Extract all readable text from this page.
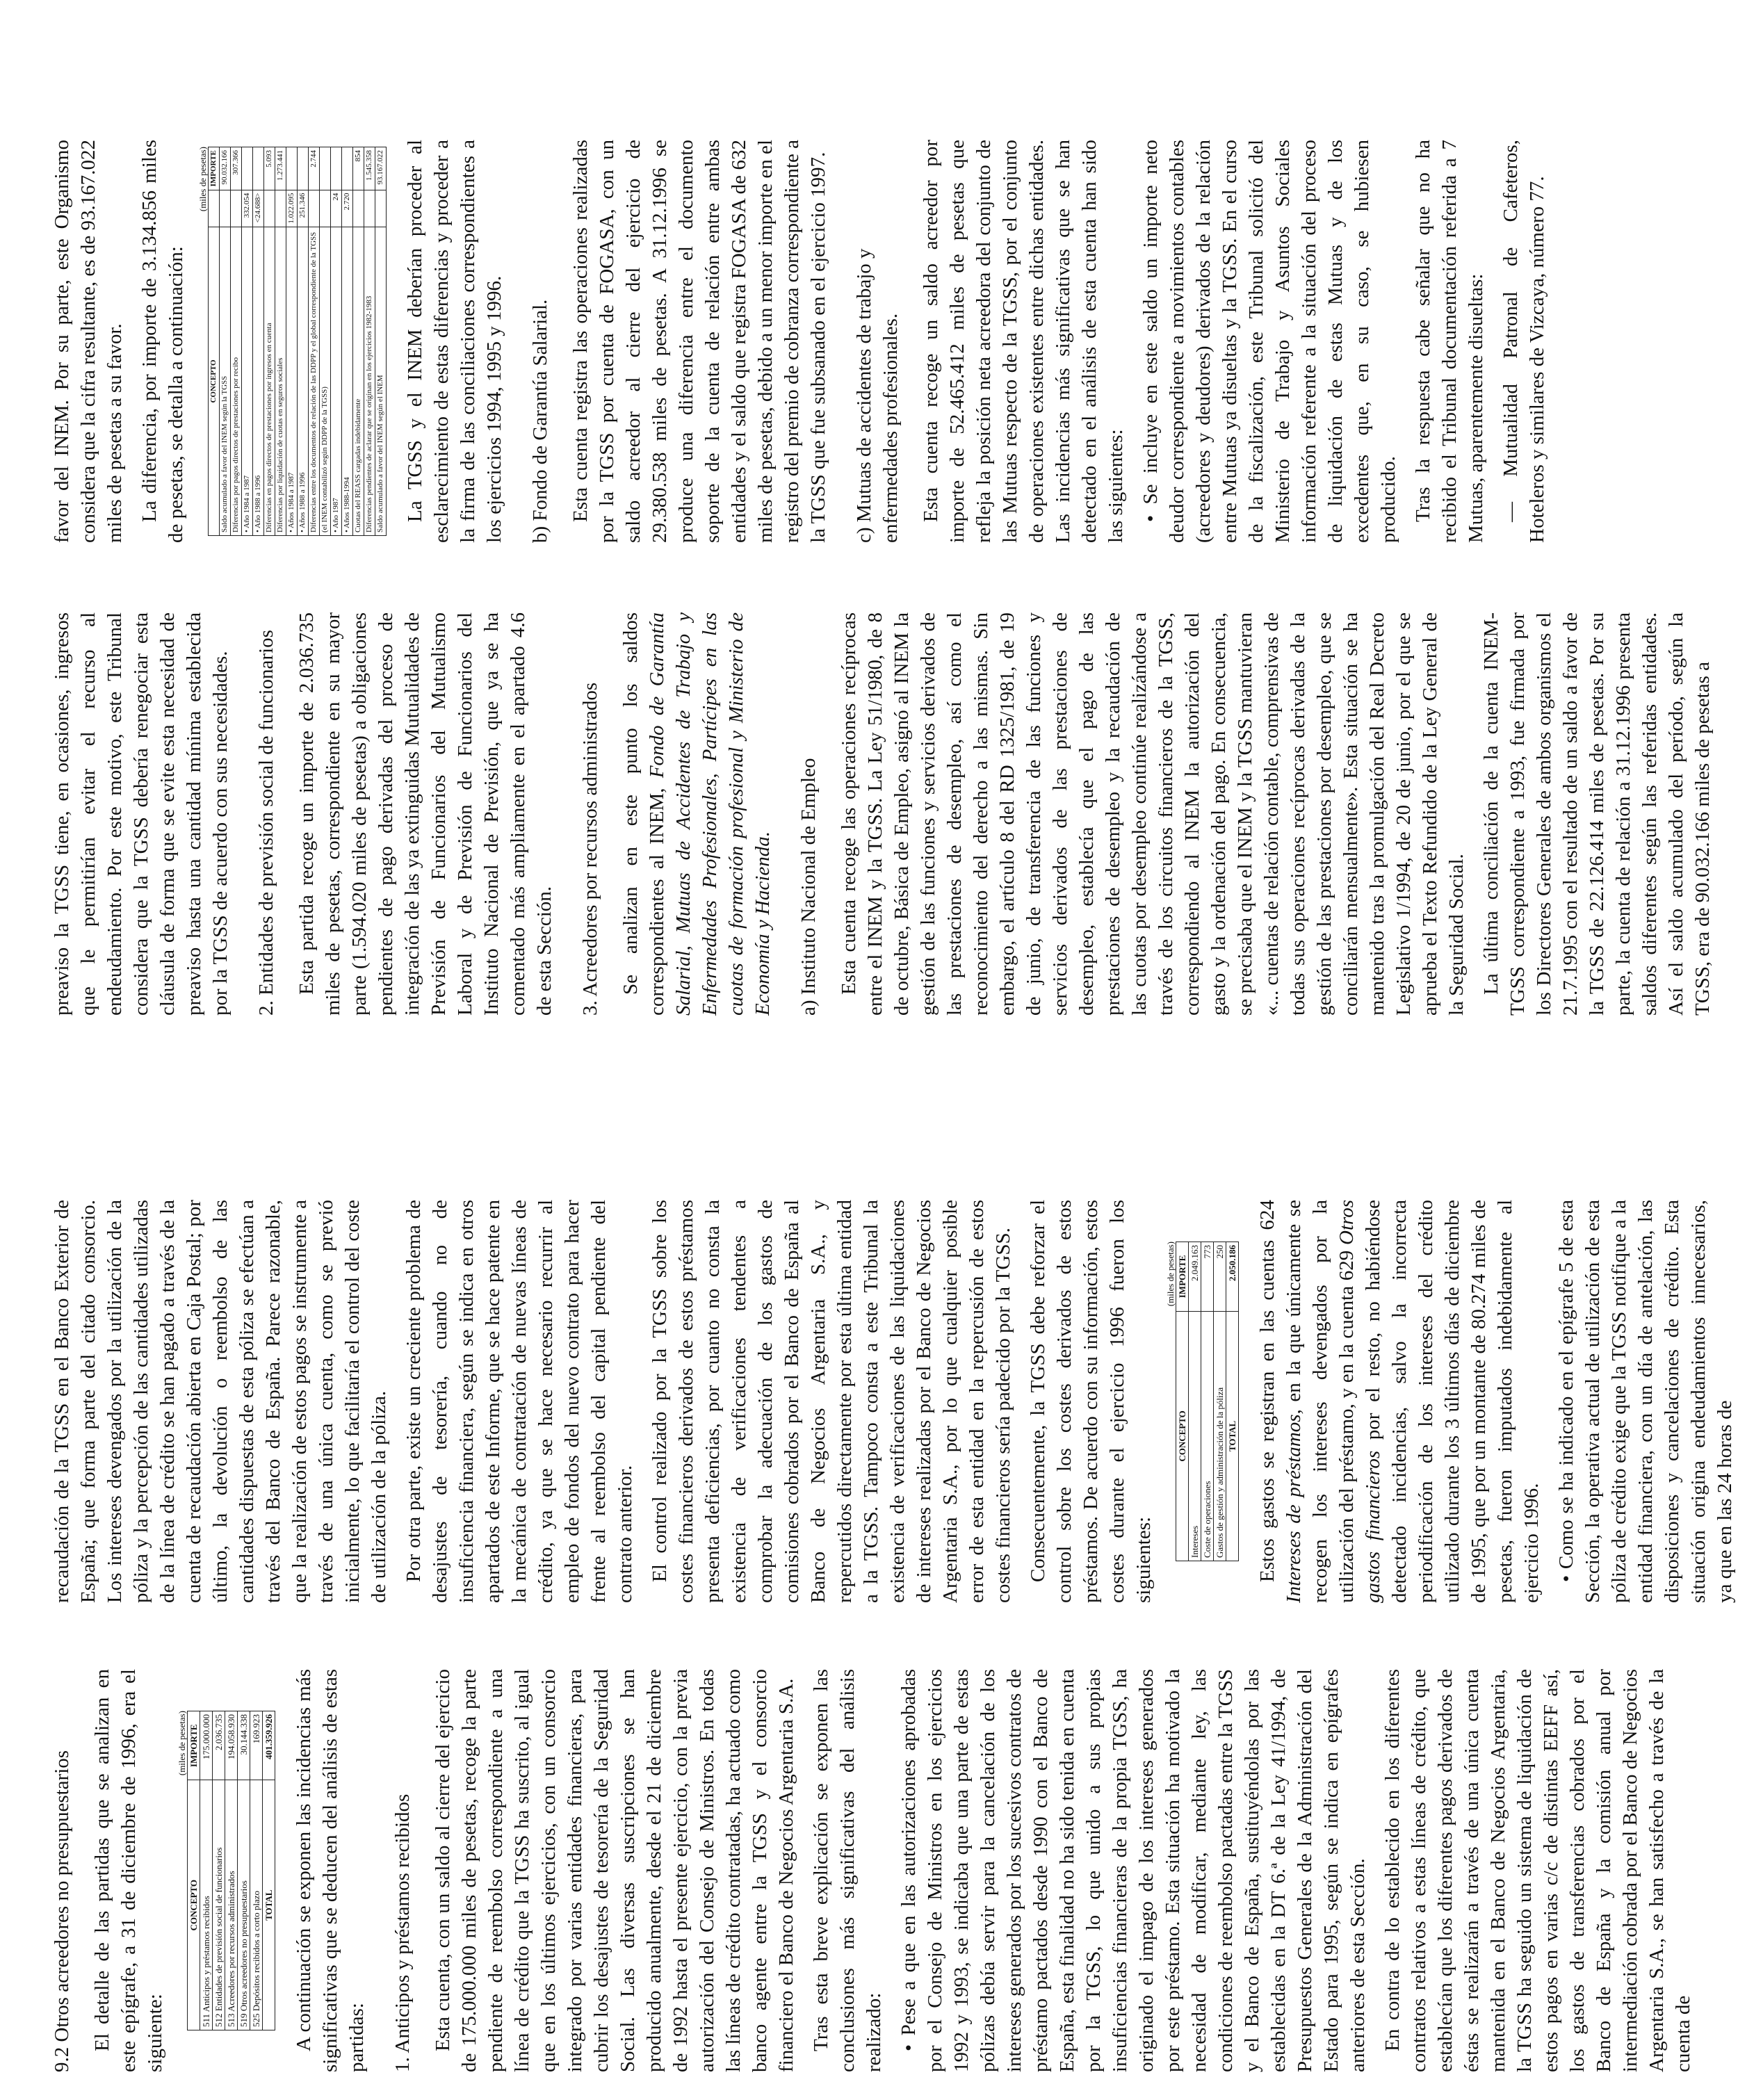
9.2 Otros acreedores no presupuestarios El detalle de las partidas que se analizan en este epígrafe, a 31 de diciembre de 1996, era el siguiente:

(miles de pesetas)
CONCEPTO	IMPORTE
511 Anticipos y préstamos recibidos	175.000.000
512 Entidades de previsión social de funcionarios	2.036.735
513 Acreedores por recursos administrados	194.058.930
519 Otros acreedores no presupuestarios	30.144.338
525 Depósitos recibidos a corto plazo	169.923
TOTAL	401.359.926 A continuación se exponen las incidencias más significativas que se deducen del análisis de estas partidas: 1. Anticipos y préstamos recibidos Esta cuenta, con un saldo al cierre del ejercicio de 175.000.000 miles de pesetas, recoge la parte pendiente de reembolso correspondiente a una línea de crédito que la TGSS ha suscrito, al igual que en los últimos ejercicios, con un consorcio integrado por varias entidades financieras, para cubrir los desajustes de tesorería de la Seguridad Social. Las diversas suscripciones se han producido anualmente, desde el 21 de diciembre de 1992 hasta el presente ejercicio, con la previa autorización del Consejo de Ministros. En todas las líneas de crédito contratadas, ha actuado como banco agente entre la TGSS y el consorcio financiero el Banco de Negocios Argentaria S.A. Tras esta breve explicación se exponen las conclusiones más significativas del análisis realizado: • Pese a que en las autorizaciones aprobadas por el Consejo de Ministros en los ejercicios 1992 y 1993, se indicaba que una parte de estas pólizas debía servir para la cancelación de los intereses generados por los sucesivos contratos de préstamo pactados desde 1990 con el Banco de España, esta finalidad no ha sido tenida en cuenta por la TGSS, lo que unido a sus propias insuficiencias financieras de la propia TGSS, ha originado el impago de los intereses generados por este préstamo. Esta situación ha motivado la necesidad de modificar, mediante ley, las condiciones de reembolso pactadas entre la TGSS y el Banco de España, sustituyéndolas por las establecidas en la DT 6.ª de la Ley 41/1994, de Presupuestos Generales de la Administración del Estado para 1995, según se indica en epígrafes anteriores de esta Sección. En contra de lo establecido en los diferentes contratos relativos a estas líneas de crédito, que establecían que los diferentes pagos derivados de éstas se realizarán a través de una única cuenta mantenida en el Banco de Negocios Argentaria, la TGSS ha seguido un sistema de liquidación de estos pagos en varias c/c de distintas EEFF así, los gastos de transferencias cobrados por el Banco de España y la comisión anual por intermediación cobrada por el Banco de Negocios Argentaria S.A., se han satisfecho a través de la cuenta de

recaudación de la TGSS en el Banco Exterior de España; que forma parte del citado consorcio. Los intereses devengados por la utilización de la póliza y la percepción de las cantidades utilizadas de la línea de crédito se han pagado a través de la cuenta de recaudación abierta en Caja Postal; por último, la devolución o reembolso de las cantidades dispuestas de esta póliza se efectúan a través del Banco de España. Parece razonable, que la realización de estos pagos se instrumente a través de una única cuenta, como se previó inicialmente, lo que facilitaría el control del coste de utilización de la póliza. Por otra parte, existe un creciente problema de desajustes de tesorería, cuando no de insuficiencia financiera, según se indica en otros apartados de este Informe, que se hace patente en la mecánica de contratación de nuevas líneas de crédito, ya que se hace necesario recurrir al empleo de fondos del nuevo contrato para hacer frente al reembolso del capital pendiente del contrato anterior. El control realizado por la TGSS sobre los costes financieros derivados de estos préstamos presenta deficiencias, por cuanto no consta la existencia de verificaciones tendentes a comprobar la adecuación de los gastos de comisiones cobrados por el Banco de España al Banco de Negocios Argentaria S.A., y repercutidos directamente por esta última entidad a la TGSS. Tampoco consta a este Tribunal la existencia de verificaciones de las liquidaciones de intereses realizadas por el Banco de Negocios Argentaria S.A., por lo que cualquier posible error de esta entidad en la repercusión de estos costes financieros sería padecido por la TGSS. Consecuentemente, la TGSS debe reforzar el control sobre los costes derivados de estos préstamos. De acuerdo con su información, estos costes durante el ejercicio 1996 fueron los siguientes:

(miles de pesetas)
CONCEPTO	IMPORTE
Intereses	2.049.163
Coste de operaciones	773
Gastos de gestión y administración de la póliza	250
TOTAL	2.050.186 Estos gastos se registran en las cuentas 624 Intereses de préstamos, en la que únicamente se recogen los intereses devengados por la utilización del préstamo, y en la cuenta 629 Otros gastos financieros por el resto, no habiéndose detectado incidencias, salvo la incorrecta periodificación de los intereses del crédito utilizado durante los 3 últimos días de diciembre de 1995, que por un montante de 80.274 miles de pesetas, fueron imputados indebidamente al ejercicio 1996. • Como se ha indicado en el epígrafe 5 de esta Sección, la operativa actual de utilización de esta póliza de crédito exige que la TGSS notifique a la entidad financiera, con un día de antelación, las disposiciones y cancelaciones de crédito. Esta situación origina endeudamientos innecesarios, ya que en las 24 horas de

preaviso la TGSS tiene, en ocasiones, ingresos que le permitirían evitar el recurso al endeudamiento. Por este motivo, este Tribunal considera que la TGSS debería renegociar esta cláusula de forma que se evite esta necesidad de preaviso hasta una cantidad mínima establecida por la TGSS de acuerdo con sus necesidades. 2. Entidades de previsión social de funcionarios Esta partida recoge un importe de 2.036.735 miles de pesetas, correspondiente en su mayor parte (1.594.020 miles de pesetas) a obligaciones pendientes de pago derivadas del proceso de integración de las ya extinguidas Mutualidades de Previsión de Funcionarios del Mutualismo Laboral y de Previsión de Funcionarios del Instituto Nacional de Previsión, que ya se ha comentado más ampliamente en el apartado 4.6 de esta Sección. 3. Acreedores por recursos administrados Se analizan en este punto los saldos correspondientes al INEM, Fondo de Garantía Salarial, Mutuas de Accidentes de Trabajo y Enfermedades Profesionales, Partícipes en las cuotas de formación profesional y Ministerio de Economía y Hacienda. a) Instituto Nacional de Empleo Esta cuenta recoge las operaciones recíprocas entre el INEM y la TGSS. La Ley 51/1980, de 8 de octubre, Básica de Empleo, asignó al INEM la gestión de las funciones y servicios derivados de las prestaciones de desempleo, así como el reconocimiento del derecho a las mismas. Sin embargo, el artículo 8 del RD 1325/1981, de 19 de junio, de transferencia de las funciones y servicios derivados de las prestaciones de desempleo, establecía que el pago de las prestaciones de desempleo y la recaudación de las cuotas por desempleo continúe realizándose a través de los circuitos financieros de la TGSS, correspondiendo al INEM la autorización del gasto y la ordenación del pago. En consecuencia, se precisaba que el INEM y la TGSS mantuvieran «... cuentas de relación contable, comprensivas de todas sus operaciones recíprocas derivadas de la gestión de las prestaciones por desempleo, que se conciliarán mensualmente». Esta situación se ha mantenido tras la promulgación del Real Decreto Legislativo 1/1994, de 20 de junio, por el que se aprueba el Texto Refundido de la Ley General de la Seguridad Social. La última conciliación de la cuenta INEM-TGSS correspondiente a 1993, fue firmada por los Directores Generales de ambos organismos el 21.7.1995 con el resultado de un saldo a favor de la TGSS de 22.126.414 miles de pesetas. Por su parte, la cuenta de relación a 31.12.1996 presenta saldos diferentes según las referidas entidades. Así el saldo acumulado del período, según la TGSS, era de 90.032.166 miles de pesetas a

favor del INEM. Por su parte, este Organismo considera que la cifra resultante, es de 93.167.022 miles de pesetas a su favor. La diferencia, por importe de 3.134.856 miles de pesetas, se detalla a continuación:

(miles de pesetas)
CONCEPTO		IMPORTE
Saldo acumulado a favor del INEM según la TGSS		90.032.166
Diferencias por pagos directos de prestaciones por recibo		307.366
• Año 1984 a 1987	332.054	
• Año 1988 a 1996	<24.688>	
Diferencias en pagos directos de prestaciones por ingresos en cuenta		5.093
Diferencias por liquidación de cuotas en seguros sociales		1.273.441
• Años 1984 a 1987	1.022.095	
• Años 1988 a 1996	251.346	
Diferencias entre los documentos de relación de las DDPP y el global correspondiente de la TGSS		2.744
(el INEM contabilizó según DDPP de la TGSS)		
• Año 1987	24	
• Años 1988-1994	2.720	
Cuotas del REASS cargadas indebidamente		854
Diferencias pendientes de aclarar que se originan en los ejercicios 1982-1983		1.545.358
Saldo acumulado a favor del INEM según el INEM		93.167.022 La TGSS y el INEM deberían proceder al esclarecimiento de estas diferencias y proceder a la firma de las conciliaciones correspondientes a los ejercicios 1994, 1995 y 1996. b) Fondo de Garantía Salarial. Esta cuenta registra las operaciones realizadas por la TGSS por cuenta de FOGASA, con un saldo acreedor al cierre del ejercicio de 29.380.538 miles de pesetas. A 31.12.1996 se produce una diferencia entre el documento soporte de la cuenta de relación entre ambas entidades y el saldo que registra FOGASA de 632 miles de pesetas, debido a un menor importe en el registro del premio de cobranza correspondiente a la TGSS que fue subsanado en el ejercicio 1997. c) Mutuas de accidentes de trabajo y enfermedades profesionales. Esta cuenta recoge un saldo acreedor por importe de 52.465.412 miles de pesetas que refleja la posición neta acreedora del conjunto de las Mutuas respecto de la TGSS, por el conjunto de operaciones existentes entre dichas entidades. Las incidencias más significativas que se han detectado en el análisis de esta cuenta han sido las siguientes: • Se incluye en este saldo un importe neto deudor correspondiente a movimientos contables (acreedores y deudores) derivados de la relación entre Mutuas ya disueltas y la TGSS. En el curso de la fiscalización, este Tribunal solicitó del Ministerio de Trabajo y Asuntos Sociales información referente a la situación del proceso de liquidación de estas Mutuas y de los excedentes que, en su caso, se hubiesen producido. Tras la respuesta cabe señalar que no ha recibido el Tribunal documentación referida a 7 Mutuas, aparentemente disueltas: — Mutualidad Patronal de Cafeteros, Hoteleros y similares de Vizcaya, número 77.
